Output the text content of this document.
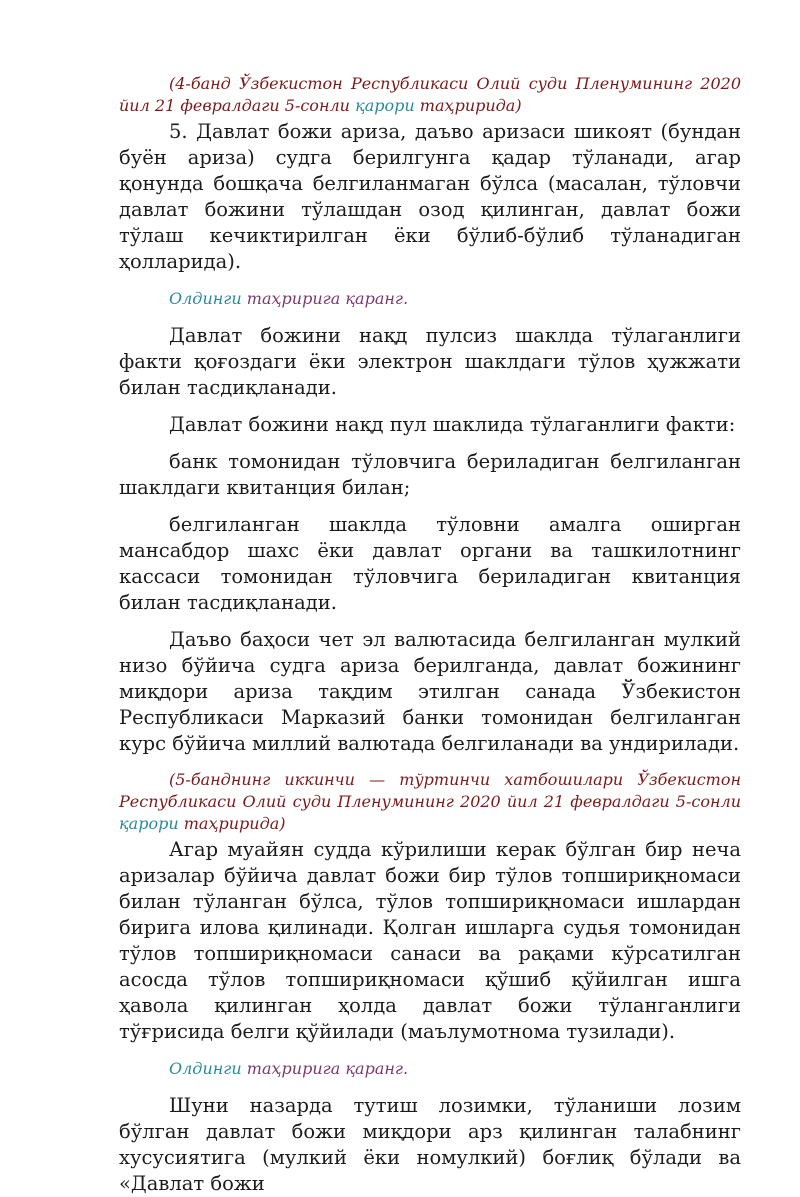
(4-банд Ўзбекистон Республикаси Олий суди Пленумининг 2020 йил 21 февралдаги 5-сонли қарори таҳририда)

5. Давлат божи ариза, даъво аризаси шикоят (бундан буён ариза) судга берилгунга қадар тўланади, агар қонунда бошқача белгиланмаган бўлса (масалан, тўловчи давлат божини тўлашдан озод қилинган, давлат божи тўлаш кечиктирилган ёки бўлиб-бўлиб тўланадиган ҳолларида).

Олдинги таҳририга қаранг.

Давлат божини нақд пулсиз шаклда тўлаганлиги факти қоғоздаги ёки электрон шаклдаги тўлов ҳужжати билан тасдиқланади.

Давлат божини нақд пул шаклида тўлаганлиги факти:

банк томонидан тўловчига бериладиган белгиланган шаклдаги квитанция билан;

белгиланган шаклда тўловни амалга оширган мансабдор шахс ёки давлат органи ва ташкилотнинг кассаси томонидан тўловчига бериладиган квитанция билан тасдиқланади.

Даъво баҳоси чет эл валютасида белгиланган мулкий низо бўйича судга ариза берилганда, давлат божининг миқдори ариза тақдим этилган санада Ўзбекистон Республикаси Марказий банки томонидан белгиланган курс бўйича миллий валютада белгиланади ва ундирилади.

(5-банднинг иккинчи — тўртинчи хатбошилари Ўзбекистон Республикаси Олий суди Пленумининг 2020 йил 21 февралдаги 5-сонли қарори таҳририда)

Агар муайян судда кўрилиши керак бўлган бир неча аризалар бўйича давлат божи бир тўлов топшириқномаси билан тўланган бўлса, тўлов топшириқномаси ишлардан бирига илова қилинади. Қолган ишларга судья томонидан тўлов топшириқномаси санаси ва рақами кўрсатилган асосда тўлов топшириқномаси қўшиб қўйилган ишга ҳавола қилинган ҳолда давлат божи тўланганлиги тўғрисида белги қўйилади (маълумотнома тузилади).

Олдинги таҳририга қаранг.

Шуни назарда тутиш лозимки, тўланиши лозим бўлган давлат божи миқдори арз қилинган талабнинг хусусиятига (мулкий ёки номулкий) боғлиқ бўлади ва «Давлат божи
